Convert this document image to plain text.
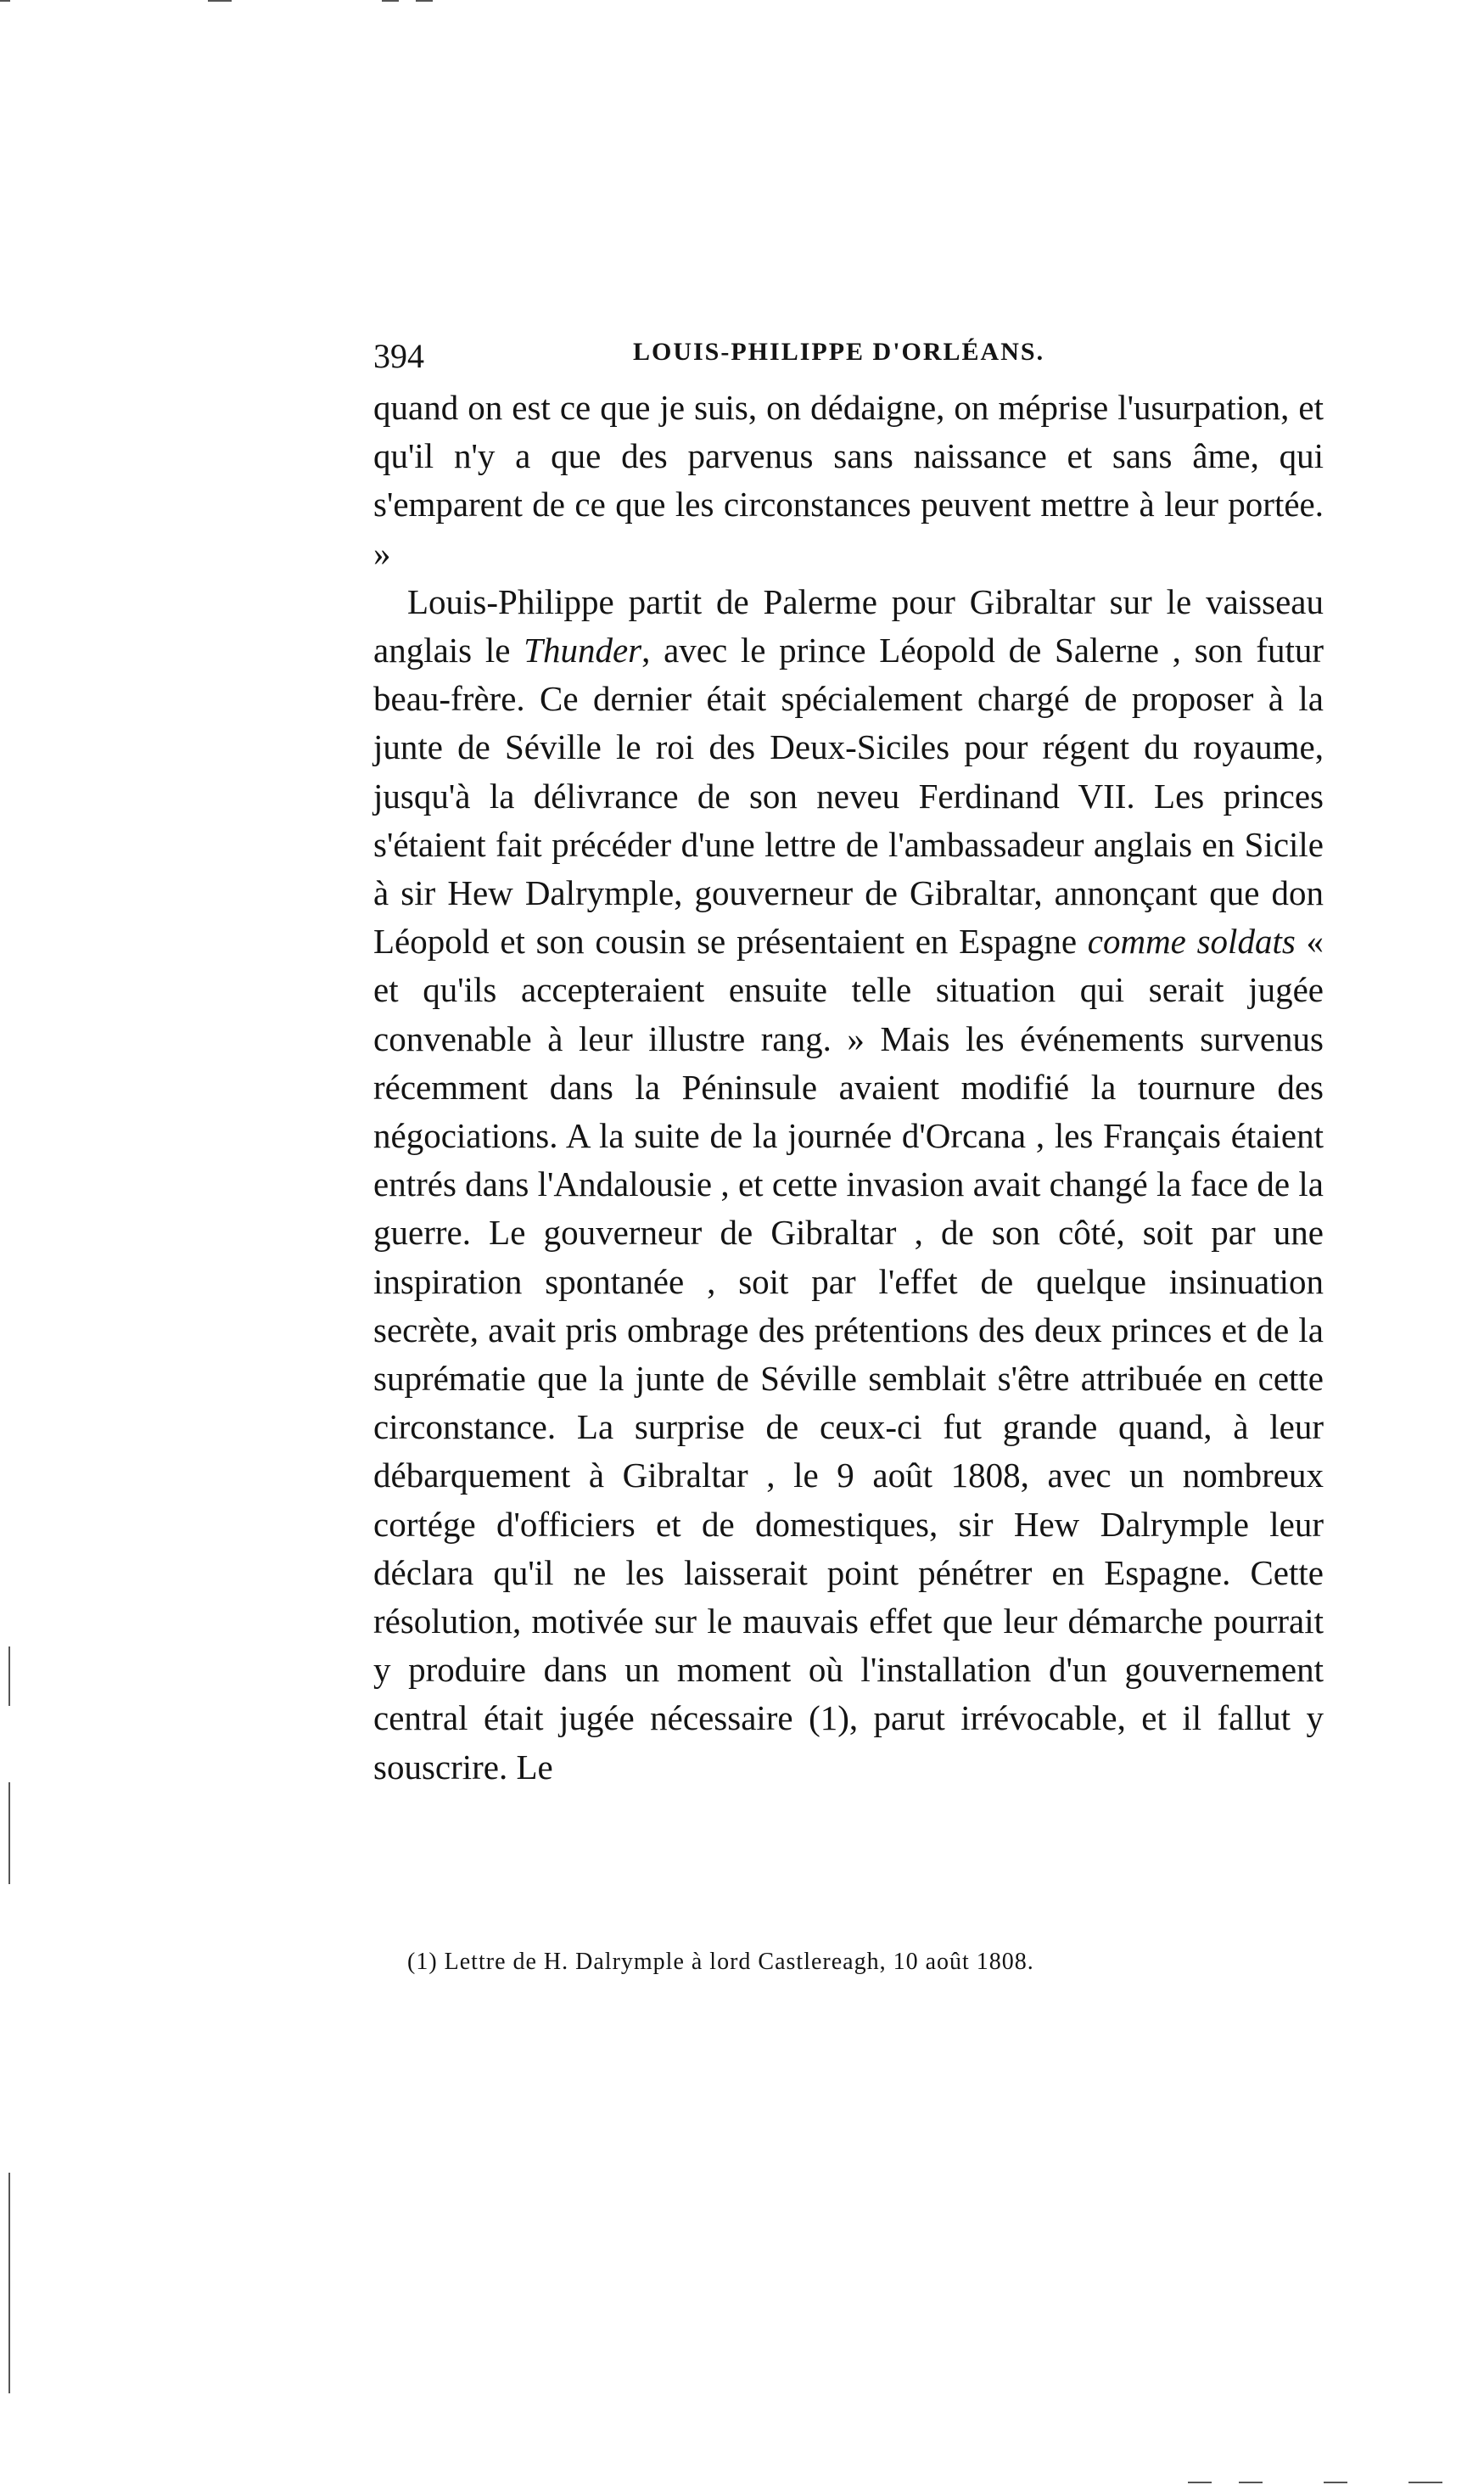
394	LOUIS-PHILIPPE D'ORLÉANS.

quand on est ce que je suis, on dédaigne, on méprise l'usurpation, et qu'il n'y a que des parvenus sans naissance et sans âme, qui s'emparent de ce que les circonstances peuvent mettre à leur portée. »

Louis-Philippe partit de Palerme pour Gibraltar sur le vaisseau anglais le Thunder, avec le prince Léopold de Salerne , son futur beau-frère. Ce dernier était spécialement chargé de proposer à la junte de Séville le roi des Deux-Siciles pour régent du royaume, jusqu'à la délivrance de son neveu Ferdinand VII. Les princes s'étaient fait précéder d'une lettre de l'ambassadeur anglais en Sicile à sir Hew Dalrymple, gouverneur de Gibraltar, annonçant que don Léopold et son cousin se présentaient en Espagne comme soldats « et qu'ils accepteraient ensuite telle situation qui serait jugée convenable à leur illustre rang. » Mais les événements survenus récemment dans la Péninsule avaient modifié la tournure des négociations. A la suite de la journée d'Orcana , les Français étaient entrés dans l'Andalousie , et cette invasion avait changé la face de la guerre. Le gouverneur de Gibraltar , de son côté, soit par une inspiration spontanée , soit par l'effet de quelque insinuation secrète, avait pris ombrage des prétentions des deux princes et de la suprématie que la junte de Séville semblait s'être attribuée en cette circonstance. La surprise de ceux-ci fut grande quand, à leur débarquement à Gibraltar , le 9 août 1808, avec un nombreux cortége d'officiers et de domestiques, sir Hew Dalrymple leur déclara qu'il ne les laisserait point pénétrer en Espagne. Cette résolution, motivée sur le mauvais effet que leur démarche pourrait y produire dans un moment où l'installation d'un gouvernement central était jugée nécessaire (1), parut irrévocable, et il fallut y souscrire. Le

(1) Lettre de H. Dalrymple à lord Castlereagh, 10 août 1808.
